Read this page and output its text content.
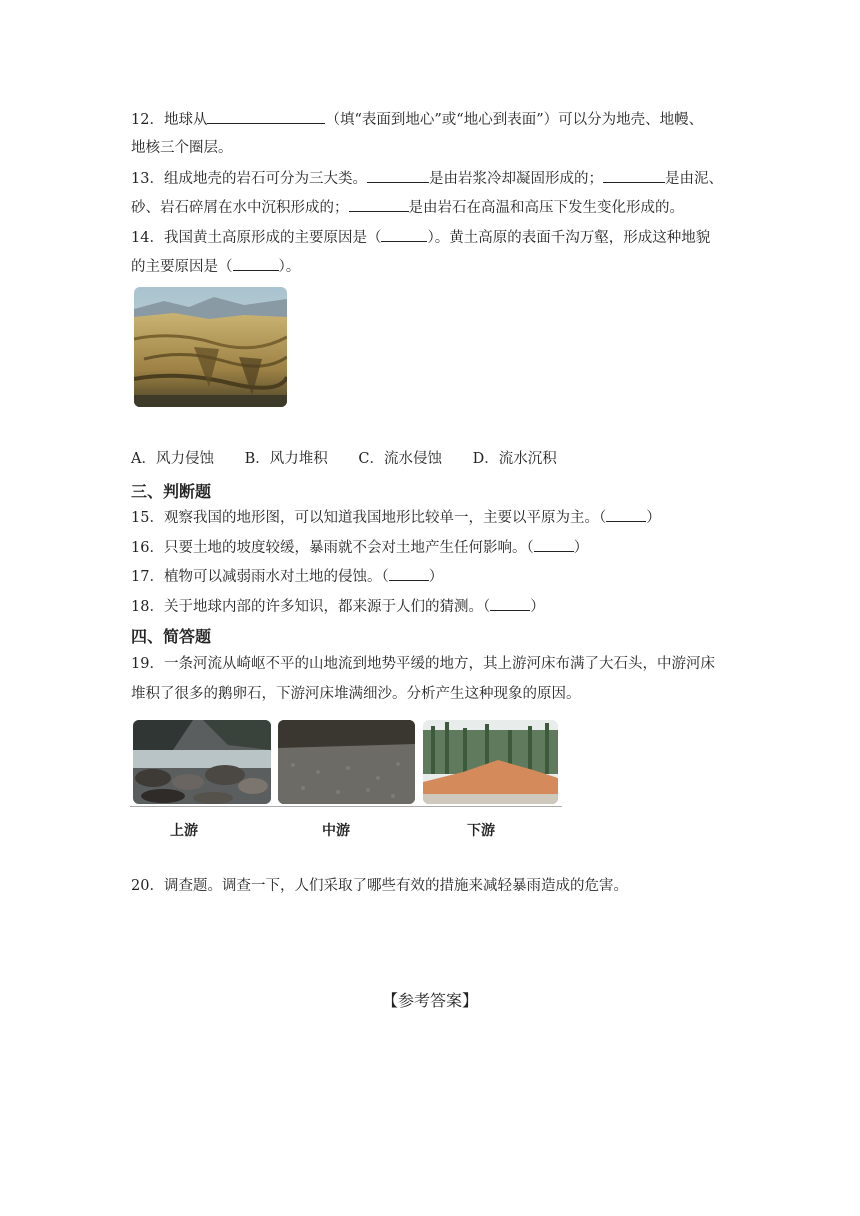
12．地球从	（填“表面到地心”或“地心到表面”）可以分为地壳、地幔、
地核三个圈层。
13．组成地壳的岩石可分为三大类。	是由岩浆冷却凝固形成的；	是由泥、
砂、岩石碎屑在水中沉积形成的；	是由岩石在高温和高压下发生变化形成的。
14．我国黄土高原形成的主要原因是（	）。黄土高原的表面千沟万壑，形成这种地貌
的主要原因是（	）。
A．风力侵蚀 B．风力堆积 C．流水侵蚀 D．流水沉积
三、判断题
15．观察我国的地形图，可以知道我国地形比较单一，主要以平原为主。（	）
16．只要土地的坡度较缓，暴雨就不会对土地产生任何影响。（	）
17．植物可以减弱雨水对土地的侵蚀。（	）
18．关于地球内部的许多知识，都来源于人们的猜测。（	）
四、简答题
19．一条河流从崎岖不平的山地流到地势平缓的地方，其上游河床布满了大石头，中游河床
堆积了很多的鹅卵石，下游河床堆满细沙。分析产生这种现象的原因。
上游	中游	下游
20．调查题。调查一下，人们采取了哪些有效的措施来减轻暴雨造成的危害。
【参考答案】
